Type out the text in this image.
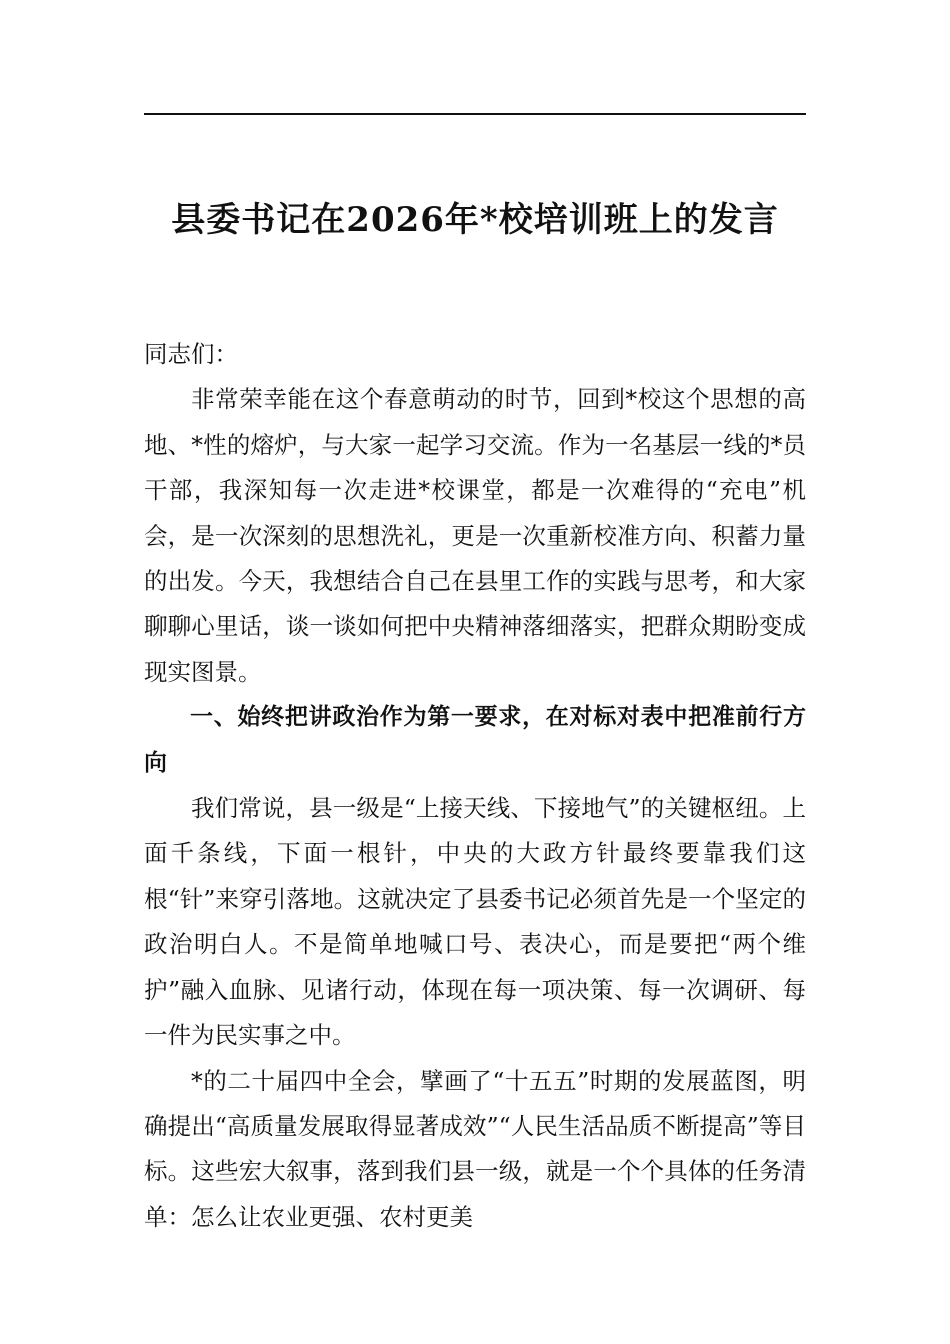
县委书记在2026年*校培训班上的发言

同志们：

非常荣幸能在这个春意萌动的时节，回到*校这个思想的高地、*性的熔炉，与大家一起学习交流。作为一名基层一线的*员干部，我深知每一次走进*校课堂，都是一次难得的“充电”机会，是一次深刻的思想洗礼，更是一次重新校准方向、积蓄力量的出发。今天，我想结合自己在县里工作的实践与思考，和大家聊聊心里话，谈一谈如何把中央精神落细落实，把群众期盼变成现实图景。

一、始终把讲政治作为第一要求，在对标对表中把准前行方向

我们常说，县一级是“上接天线、下接地气”的关键枢纽。上面千条线，下面一根针，中央的大政方针最终要靠我们这根“针”来穿引落地。这就决定了县委书记必须首先是一个坚定的政治明白人。不是简单地喊口号、表决心，而是要把“两个维护”融入血脉、见诸行动，体现在每一项决策、每一次调研、每一件为民实事之中。

*的二十届四中全会，擘画了“十五五”时期的发展蓝图，明确提出“高质量发展取得显著成效”“人民生活品质不断提高”等目标。这些宏大叙事，落到我们县一级，就是一个个具体的任务清单：怎么让农业更强、农村更美
